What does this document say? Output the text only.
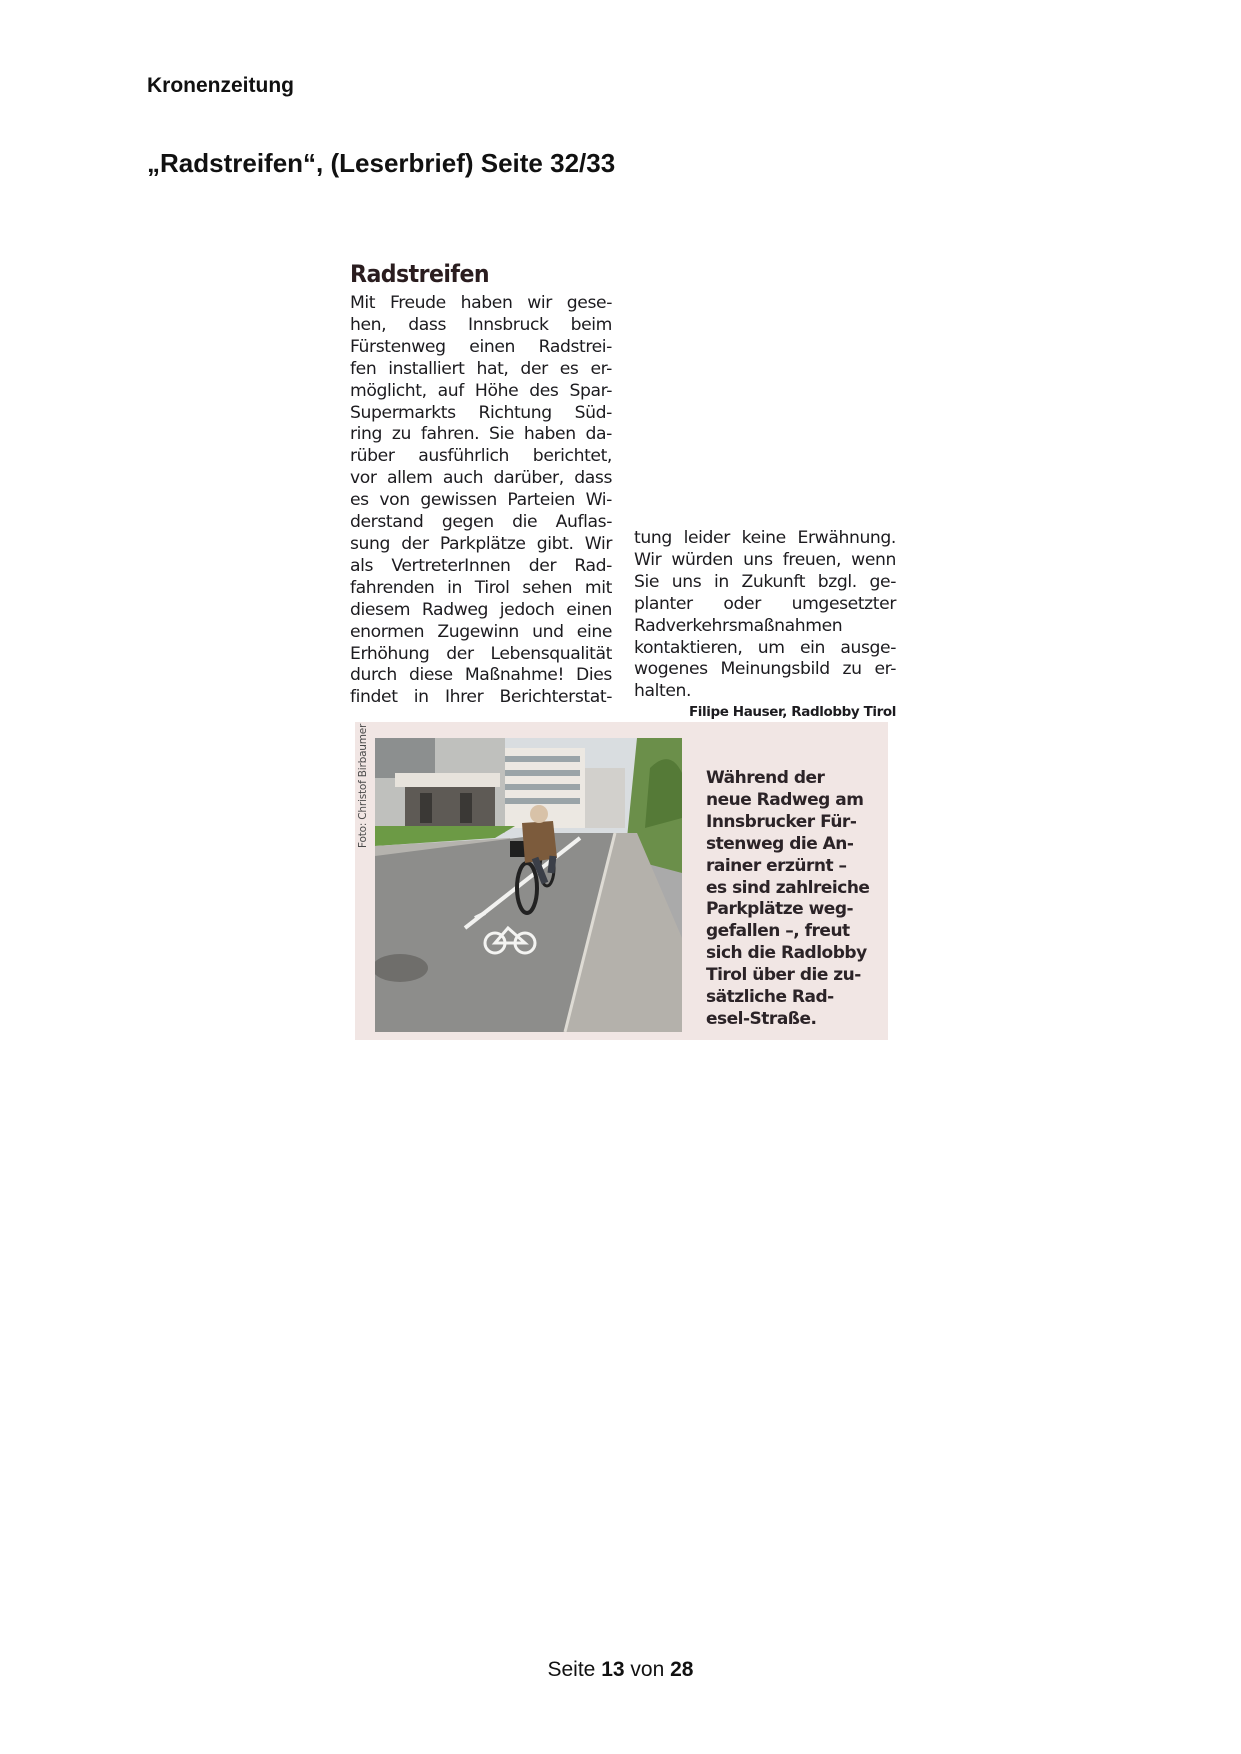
Kronenzeitung
„Radstreifen“, (Leserbrief) Seite 32/33
Radstreifen
Mit Freude haben wir gese-
hen, dass Innsbruck beim
Fürstenweg einen Radstrei-
fen installiert hat, der es er-
möglicht, auf Höhe des Spar-
Supermarkts Richtung Süd-
ring zu fahren. Sie haben da-
rüber ausführlich berichtet,
vor allem auch darüber, dass
es von gewissen Parteien Wi-
derstand gegen die Auflas-
sung der Parkplätze gibt. Wir
als VertreterInnen der Rad-
fahrenden in Tirol sehen mit
diesem Radweg jedoch einen
enormen Zugewinn und eine
Erhöhung der Lebensqualität
durch diese Maßnahme! Dies
findet in Ihrer Berichterstat-
tung leider keine Erwähnung.
Wir würden uns freuen, wenn
Sie uns in Zukunft bzgl. ge-
planter oder umgesetzter
Radverkehrsmaßnahmen
kontaktieren, um ein ausge-
wogenes Meinungsbild zu er-
halten.
Filipe Hauser, Radlobby Tirol
Foto: Christof Birbaumer	Während der
neue Radweg am
Innsbrucker Für-
stenweg die An-
rainer erzürnt –
es sind zahlreiche
Parkplätze weg-
gefallen –, freut
sich die Radlobby
Tirol über die zu-
sätzliche Rad-
esel-Straße.
Seite 13 von 28
